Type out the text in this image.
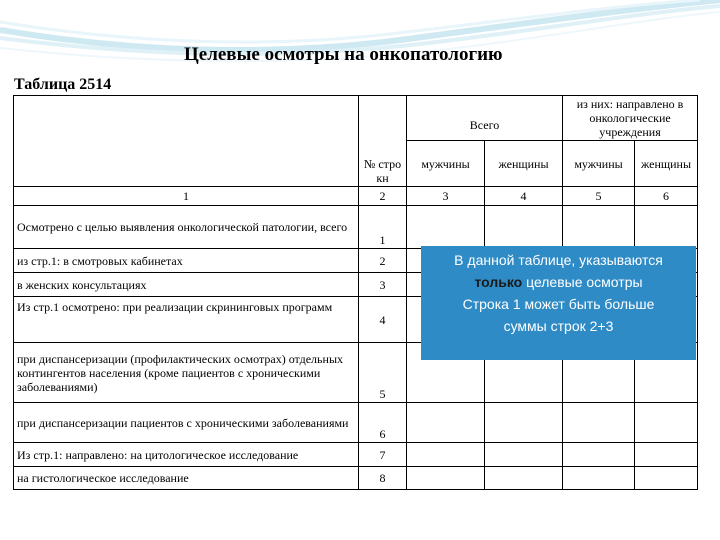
Целевые осмотры на онкопатологию
Таблица 2514
	№ стро кн	Всего		из них: направлено в онкологические учреждения	
		мужчины	женщины	мужчины	женщины
1	2	3	4	5	6
Осмотрено с целью выявления онкологической патологии, всего	1				
из стр.1: в смотровых кабинетах	2				
в женских консультациях	3				
Из стр.1 осмотрено: при реализации скрининговых программ	4				
при диспансеризации (профилактических осмотрах) отдельных контингентов населения (кроме пациентов с хроническими заболеваниями)	5				
при диспансеризации пациентов с хроническими заболеваниями	6				
Из стр.1: направлено: на цитологическое исследование	7				
на гистологическое исследование	8				
В данной таблице, указываются
только целевые осмотры
Строка 1 может быть больше
суммы строк 2+3
